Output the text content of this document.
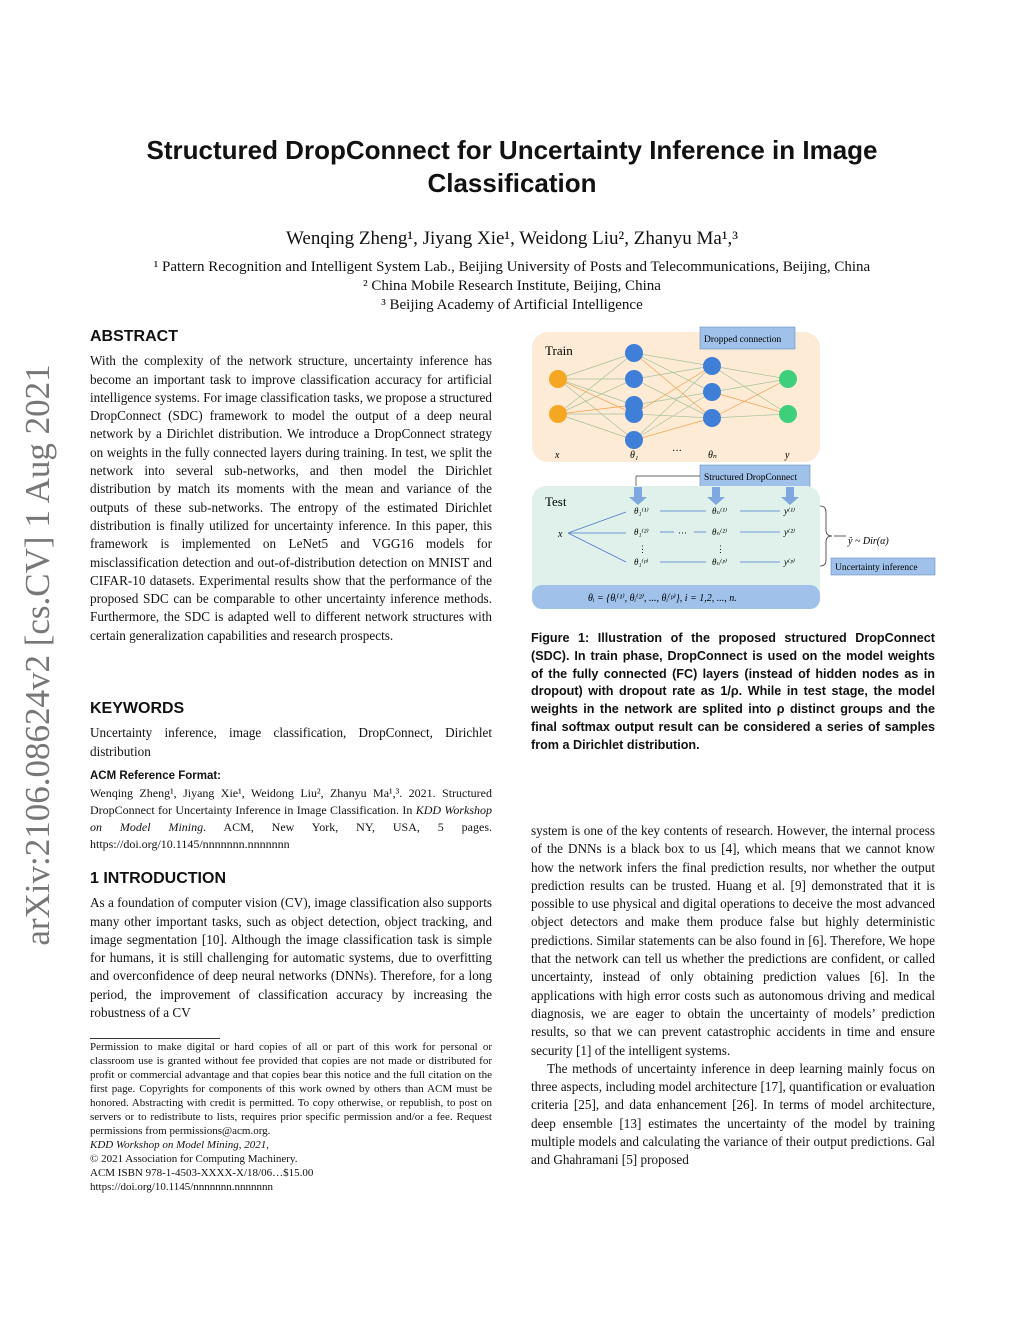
arXiv:2106.08624v2 [cs.CV] 1 Aug 2021
Structured DropConnect for Uncertainty Inference in Image
Classification
Wenqing Zheng¹, Jiyang Xie¹, Weidong Liu², Zhanyu Ma¹,³
¹ Pattern Recognition and Intelligent System Lab., Beijing University of Posts and Telecommunications, Beijing, China
² China Mobile Research Institute, Beijing, China
³ Beijing Academy of Artificial Intelligence
ABSTRACT

With the complexity of the network structure, uncertainty inference has become an important task to improve classification accuracy for artificial intelligence systems. For image classification tasks, we propose a structured DropConnect (SDC) framework to model the output of a deep neural network by a Dirichlet distribution. We introduce a DropConnect strategy on weights in the fully connected layers during training. In test, we split the network into several sub-networks, and then model the Dirichlet distribution by match its moments with the mean and variance of the outputs of these sub-networks. The entropy of the estimated Dirichlet distribution is finally utilized for uncertainty inference. In this paper, this framework is implemented on LeNet5 and VGG16 models for misclassification detection and out-of-distribution detection on MNIST and CIFAR-10 datasets. Experimental results show that the performance of the proposed SDC can be comparable to other uncertainty inference methods. Furthermore, the SDC is adapted well to different network structures with certain generalization capabilities and research prospects.

KEYWORDS

Uncertainty inference, image classification, DropConnect, Dirichlet distribution

ACM Reference Format:

Wenqing Zheng¹, Jiyang Xie¹, Weidong Liu², Zhanyu Ma¹,³. 2021. Structured DropConnect for Uncertainty Inference in Image Classification. In KDD Workshop on Model Mining. ACM, New York, NY, USA, 5 pages. https://doi.org/10.1145/nnnnnnn.nnnnnnn

1 INTRODUCTION

As a foundation of computer vision (CV), image classification also supports many other important tasks, such as object detection, object tracking, and image segmentation [10]. Although the image classification task is simple for humans, it is still challenging for automatic systems, due to overfitting and overconfidence of deep neural networks (DNNs). Therefore, for a long period, the improvement of classification accuracy by increasing the robustness of a CV

Permission to make digital or hard copies of all or part of this work for personal or classroom use is granted without fee provided that copies are not made or distributed for profit or commercial advantage and that copies bear this notice and the full citation on the first page. Copyrights for components of this work owned by others than ACM must be honored. Abstracting with credit is permitted. To copy otherwise, or republish, to post on servers or to redistribute to lists, requires prior specific permission and/or a fee. Request permissions from permissions@acm.org.

KDD Workshop on Model Mining, 2021,

© 2021 Association for Computing Machinery.

ACM ISBN 978-1-4503-XXXX-X/18/06…$15.00

https://doi.org/10.1145/nnnnnnn.nnnnnnn

Train
x	θ₁	···	θₙ	y
Dropped connection
Structured DropConnect
Test
x
θ₁⁽¹⁾
θ₁⁽²⁾
⋮
θ₁⁽ᵖ⁾
···
θₙ⁽¹⁾
θₙ⁽²⁾
⋮
θₙ⁽ᵖ⁾
y⁽¹⁾
y⁽²⁾
y⁽ᵖ⁾
ŷ ~ Dir(α)
Uncertainty inference
θᵢ = {θᵢ⁽¹⁾, θᵢ⁽²⁾, ..., θᵢ⁽ᵖ⁾}, i = 1,2, ..., n.
Figure 1: Illustration of the proposed structured DropConnect (SDC). In train phase, DropConnect is used on the model weights of the fully connected (FC) layers (instead of hidden nodes as in dropout) with dropout rate as 1/ρ. While in test stage, the model weights in the network are splited into ρ distinct groups and the final softmax output result can be considered a series of samples from a Dirichlet distribution.

system is one of the key contents of research. However, the internal process of the DNNs is a black box to us [4], which means that we cannot know how the network infers the final prediction results, nor whether the output prediction results can be trusted. Huang et al. [9] demonstrated that it is possible to use physical and digital operations to deceive the most advanced object detectors and make them produce false but highly deterministic predictions. Similar statements can be also found in [6]. Therefore, We hope that the network can tell us whether the predictions are confident, or called uncertainty, instead of only obtaining prediction values [6]. In the applications with high error costs such as autonomous driving and medical diagnosis, we are eager to obtain the uncertainty of models’ prediction results, so that we can prevent catastrophic accidents in time and ensure security [1] of the intelligent systems.

The methods of uncertainty inference in deep learning mainly focus on three aspects, including model architecture [17], quantification or evaluation criteria [25], and data enhancement [26]. In terms of model architecture, deep ensemble [13] estimates the uncertainty of the model by training multiple models and calculating the variance of their output predictions. Gal and Ghahramani [5] proposed
